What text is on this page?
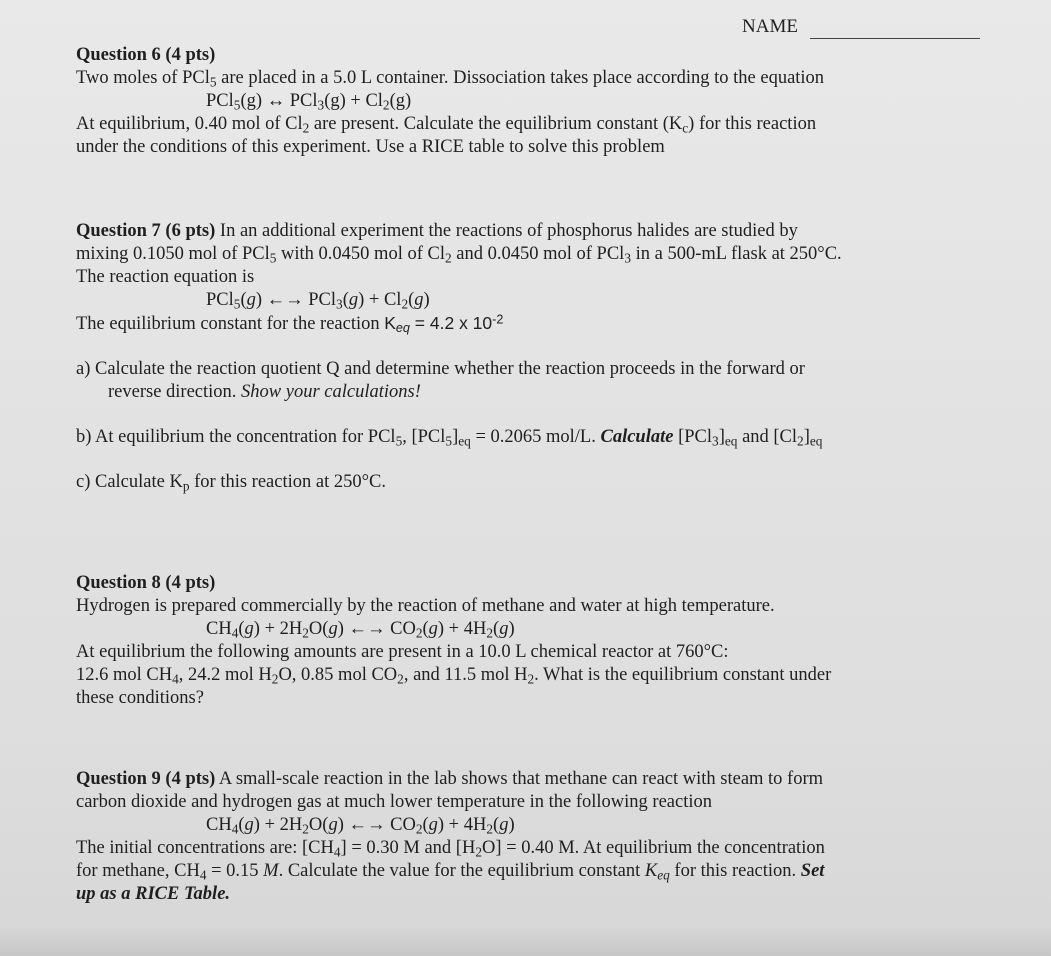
NAME
Question 6 (4 pts)
Two moles of PCl$_5$ are placed in a 5.0 L container. Dissociation takes place according to the equation
PCl$_5$(g) ↔ $PCl_3(g) + Cl_2(g)$
At equilibrium, 0.40 mol of $Cl_2$ are present. Calculate the equilibrium constant $(K_c)$ for this reaction
under the conditions of this experiment. Use a RICE table to solve this problem
Question 7 (6 pts) In an additional experiment the reactions of phosphorus halides are studied by
mixing 0.1050 mol of PCl$_5$ with 0.0450 mol of $Cl_2$ and 0.0450 mol of PCl$_3$ in a 500-mL flask at 250°C.
The reaction equation is
PCl$_5$(g) ←→ $PCl_3(g) + Cl_2(g)$
The equilibrium constant for the reaction $K_{eq} = 4.2$ x $10^{-2}$
a) Calculate the reaction quotient Q and determine whether the reaction proceeds in the forward or
reverse direction. Show your calculations!
b) At equilibrium the concentration for PCl$_5$, $[PCl_5]_{eq} = 0.2065$ mol/L. Calculate $[PCl_3]_{eq}$ and $[Cl_2]_{eq}$
c) Calculate $K_p$ for this reaction at 250°C.
Question 8 (4 pts)
Hydrogen is prepared commercially by the reaction of methane and water at high temperature.
$CH_4(g) + 2H_2O(g)$ ←→ $CO_2(g) + 4H_2(g)$
At equilibrium the following amounts are present in a 10.0 L chemical reactor at 760°C:
12.6 mol $CH_4$, 24.2 mol $H_2O$, 0.85 mol $CO_2$, and 11.5 mol $H_2$. What is the equilibrium constant under
these conditions?
Question 9 (4 pts) A small-scale reaction in the lab shows that methane can react with steam to form
carbon dioxide and hydrogen gas at much lower temperature in the following reaction
$CH_4(g) + 2H_2O(g)$ ←→ $CO_2(g) + 4H_2(g)$
The initial concentrations are: $[CH_4] = 0.30$ M and $[H_2O] = 0.40$ M. At equilibrium the concentration
for methane, $CH_4 = 0.15$ M. Calculate the value for the equilibrium constant $K_{eq}$ for this reaction. Set
up as a RICE Table.
